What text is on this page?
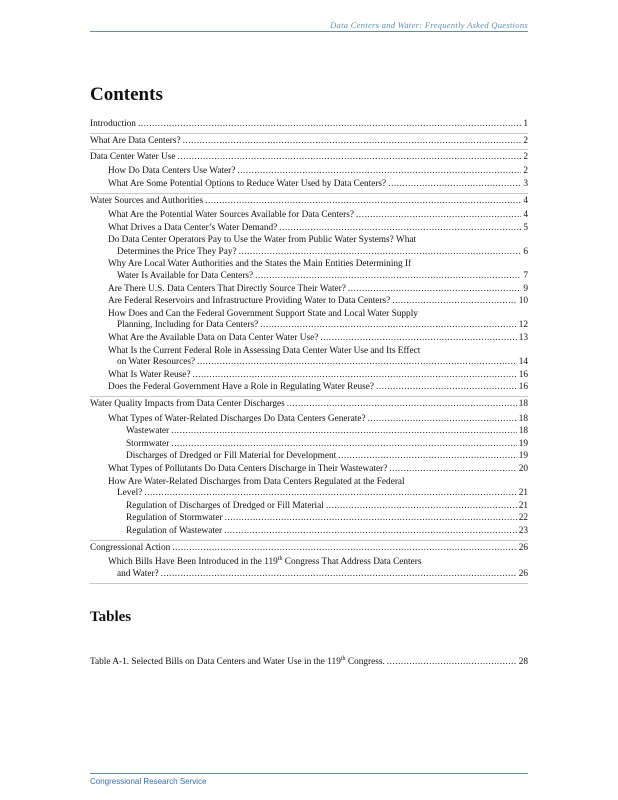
Data Centers and Water: Frequently Asked Questions
Contents
Introduction .....	1
What Are Data Centers? .....	2
Data Center Water Use .....	2
How Do Data Centers Use Water? .....	2
What Are Some Potential Options to Reduce Water Used by Data Centers? .....	3
Water Sources and Authorities .....	4
What Are the Potential Water Sources Available for Data Centers? .....	4
What Drives a Data Center’s Water Demand? .....	5
Do Data Center Operators Pay to Use the Water from Public Water Systems? What
Determines the Price They Pay? .....	6
Why Are Local Water Authorities and the States the Main Entities Determining If
Water Is Available for Data Centers? .....	7
Are There U.S. Data Centers That Directly Source Their Water? .....	9
Are Federal Reservoirs and Infrastructure Providing Water to Data Centers? .....	10
How Does and Can the Federal Government Support State and Local Water Supply
Planning, Including for Data Centers? .....	12
What Are the Available Data on Data Center Water Use? .....	13
What Is the Current Federal Role in Assessing Data Center Water Use and Its Effect
on Water Resources? .....	14
What Is Water Reuse? .....	16
Does the Federal Government Have a Role in Regulating Water Reuse? .....	16
Water Quality Impacts from Data Center Discharges .....	18
What Types of Water-Related Discharges Do Data Centers Generate? .....	18
Wastewater .....	18
Stormwater .....	19
Discharges of Dredged or Fill Material for Development .....	19
What Types of Pollutants Do Data Centers Discharge in Their Wastewater? .....	20
How Are Water-Related Discharges from Data Centers Regulated at the Federal
Level? .....	21
Regulation of Discharges of Dredged or Fill Material .....	21
Regulation of Stormwater .....	22
Regulation of Wastewater .....	23
Congressional Action .....	26
Which Bills Have Been Introduced in the 119th Congress That Address Data Centers
and Water? .....	26
Tables
Table A-1. Selected Bills on Data Centers and Water Use in the 119th Congress. .....	28
Congressional Research Service
